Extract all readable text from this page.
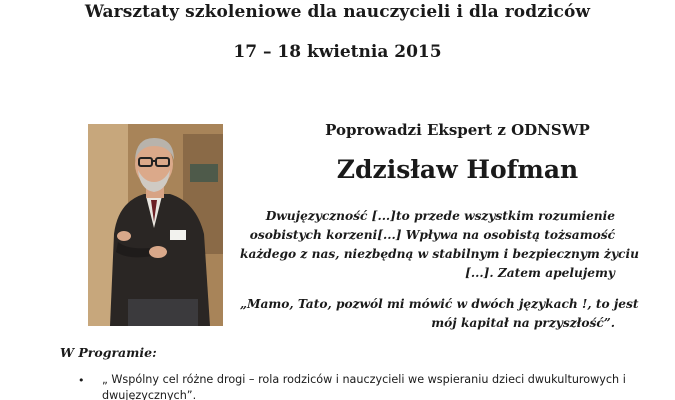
Warsztaty szkoleniowe dla nauczycieli i dla rodziców
17 – 18 kwietnia 2015
Poprowadzi Ekspert z ODNSWP
Zdzisław Hofman
Dwujęzyczność [...]to przede wszystkim rozumienie
osobistych korzeni[...] Wpływa na osobistą tożsamość
każdego z nas, niezbędną w stabilnym i bezpiecznym życiu
[...]. Zatem apelujemy
„Mamo, Tato, pozwól mi mówić w dwóch językach !, to jest
mój kapitał na przyszłość”.
W Programie:
• „ Wspólny cel różne drogi – rola rodziców i nauczycieli we wspieraniu dzieci dwukulturowych i
dwujęzycznych”.
